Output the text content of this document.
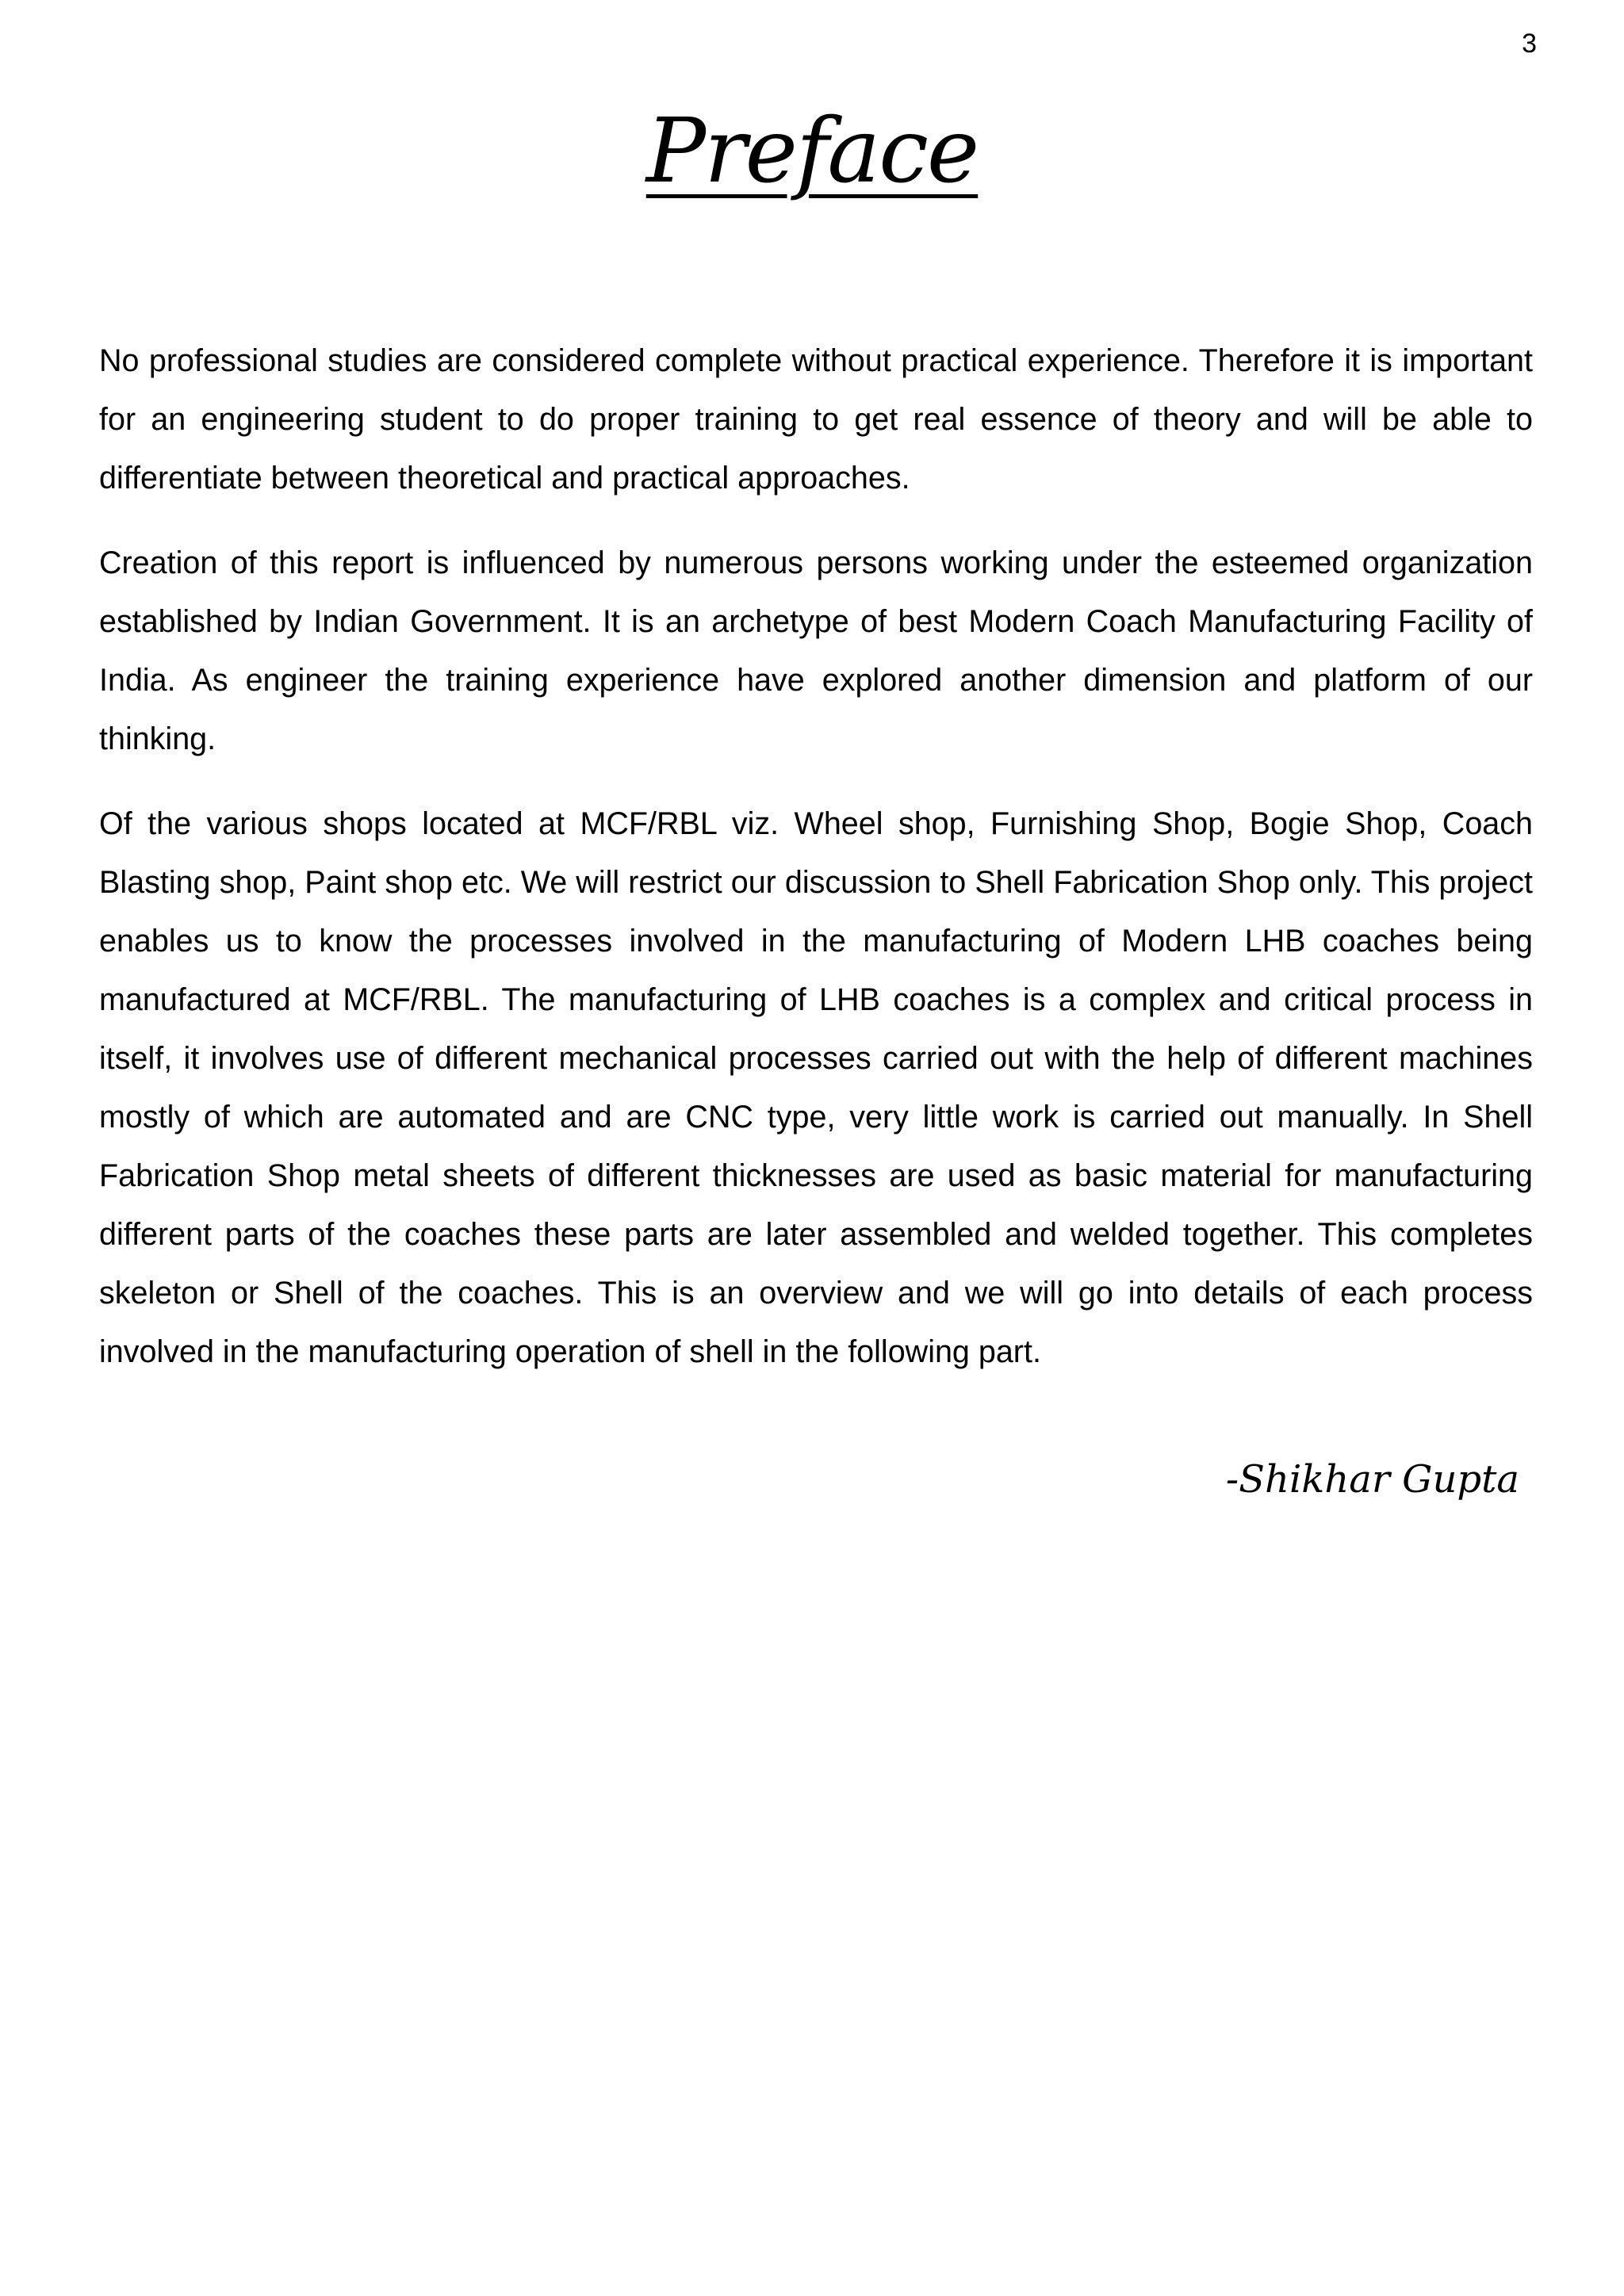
3
Preface

No professional studies are considered complete without practical experience. Therefore it is important for an engineering student to do proper training to get real essence of theory and will be able to differentiate between theoretical and practical approaches.

Creation of this report is influenced by numerous persons working under the esteemed organization established by Indian Government. It is an archetype of best Modern Coach Manufacturing Facility of India. As engineer the training experience have explored another dimension and platform of our thinking.

Of the various shops located at MCF/RBL viz. Wheel shop, Furnishing Shop, Bogie Shop, Coach Blasting shop, Paint shop etc. We will restrict our discussion to Shell Fabrication Shop only. This project enables us to know the processes involved in the manufacturing of Modern LHB coaches being manufactured at MCF/RBL. The manufacturing of LHB coaches is a complex and critical process in itself, it involves use of different mechanical processes carried out with the help of different machines mostly of which are automated and are CNC type, very little work is carried out manually. In Shell Fabrication Shop metal sheets of different thicknesses are used as basic material for manufacturing different parts of the coaches these parts are later assembled and welded together. This completes skeleton or Shell of the coaches. This is an overview and we will go into details of each process involved in the manufacturing operation of shell in the following part.

-Shikhar Gupta
